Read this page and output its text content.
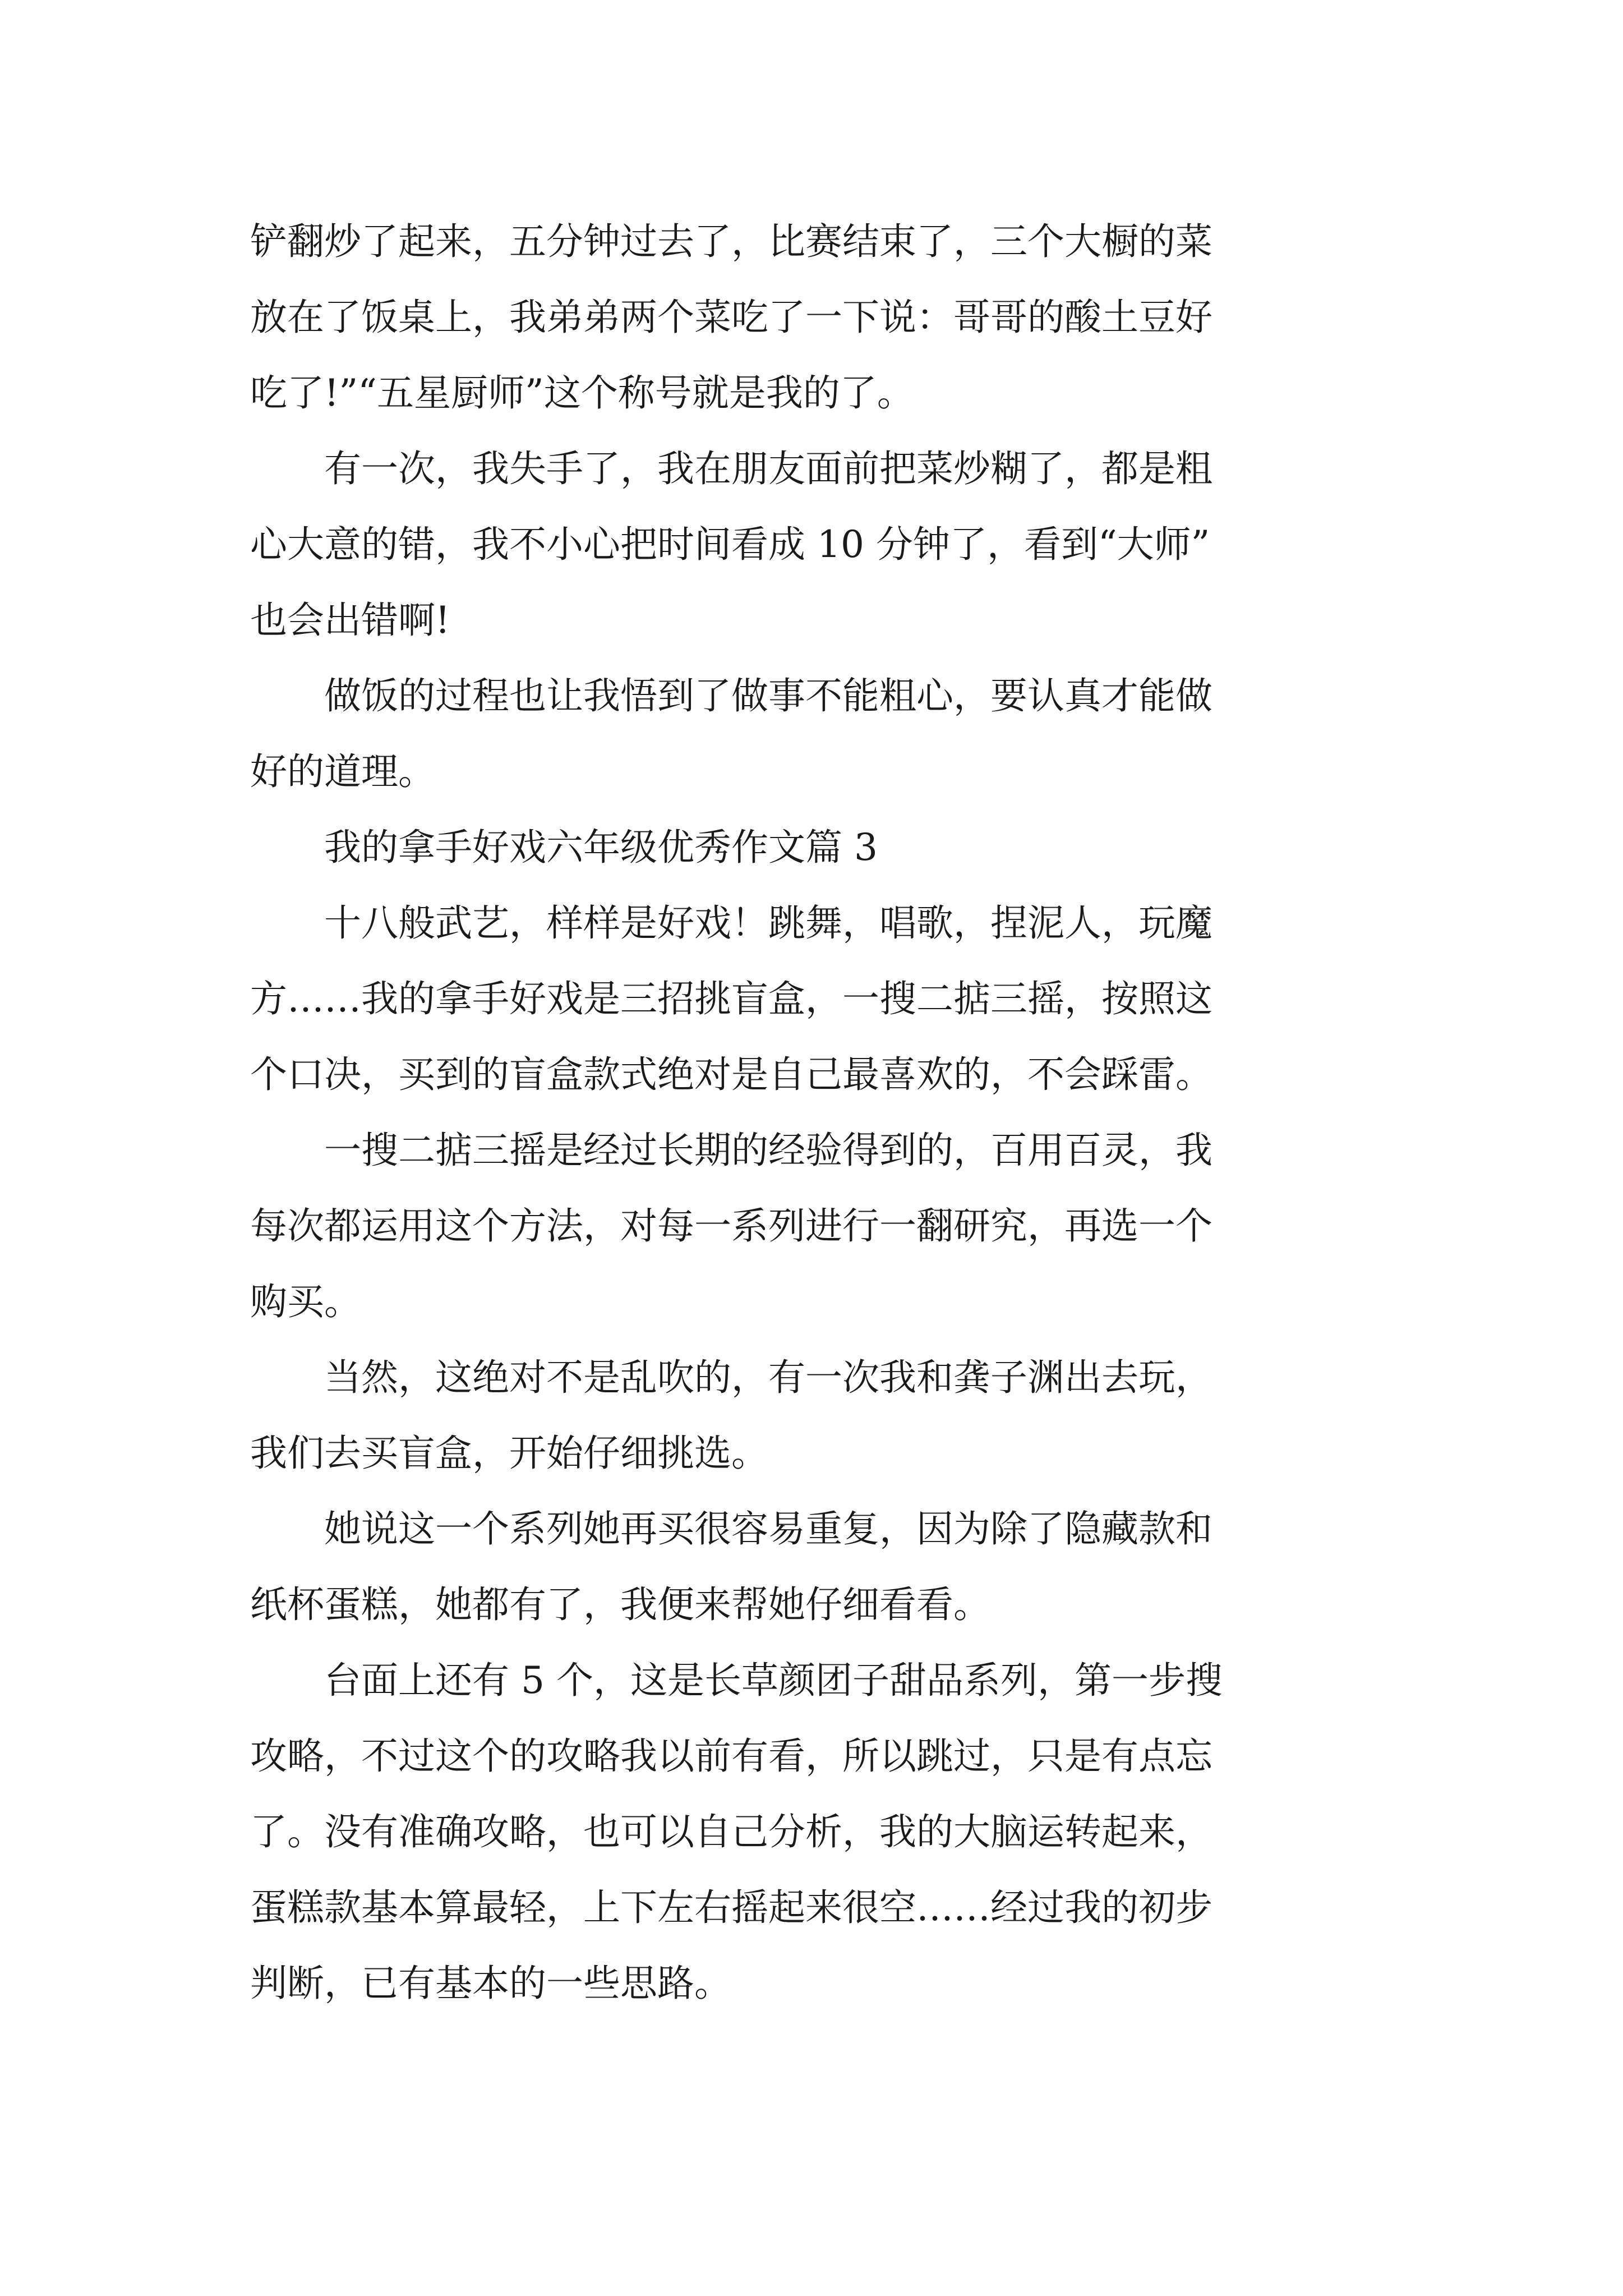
铲翻炒了起来，五分钟过去了，比赛结束了，三个大橱的菜
放在了饭桌上，我弟弟两个菜吃了一下说：哥哥的酸土豆好
吃了!”“五星厨师”这个称号就是我的了。
　　有一次，我失手了，我在朋友面前把菜炒糊了，都是粗
心大意的错，我不小心把时间看成 10 分钟了，看到“大师”
也会出错啊!
　　做饭的过程也让我悟到了做事不能粗心，要认真才能做
好的道理。
　　我的拿手好戏六年级优秀作文篇 3
　　十八般武艺，样样是好戏！跳舞，唱歌，捏泥人，玩魔
方……我的拿手好戏是三招挑盲盒，一搜二掂三摇，按照这
个口决，买到的盲盒款式绝对是自己最喜欢的，不会踩雷。
　　一搜二掂三摇是经过长期的经验得到的，百用百灵，我
每次都运用这个方法，对每一系列进行一翻研究，再选一个
购买。
　　当然，这绝对不是乱吹的，有一次我和龚子渊出去玩，
我们去买盲盒，开始仔细挑选。
　　她说这一个系列她再买很容易重复，因为除了隐藏款和
纸杯蛋糕，她都有了，我便来帮她仔细看看。
　　台面上还有 5 个，这是长草颜团子甜品系列，第一步搜
攻略，不过这个的攻略我以前有看，所以跳过，只是有点忘
了。没有准确攻略，也可以自己分析，我的大脑运转起来，
蛋糕款基本算最轻，上下左右摇起来很空……经过我的初步
判断，已有基本的一些思路。
